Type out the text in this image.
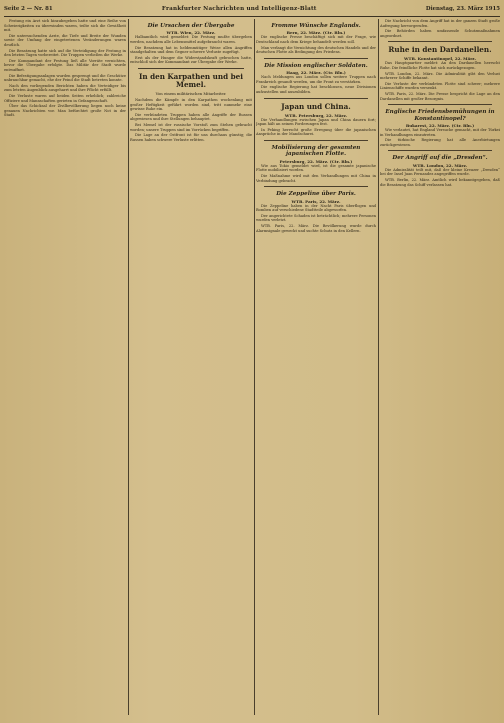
Seite 2 — Nr. 81	Frankfurter Nachrichten und Intelligenz-Blatt	Dienstag, 23. März 1915

Festung ein Arzt sich hinzubegeben hatte und eine Reihe von Schwierigkeiten zu überwinden waren, teilte sich die Gewißheit mit.

Die untersuchenden Arzte, die Tiefe und Breite der Wunden sowie der Umfang der eingetretenen Veränderungen waren deutlich.

Die Besatzung hatte sich auf die Verteidigung der Festung in den letzten Tagen vorbereitet. Die Truppen verließen die Werke.

Der Kommandant der Festung ließ alle Vorräte vernichten, bevor die Übergabe erfolgte. Das Militär der Stadt wurde entwaffnet.

Die Befestigungsanlagen wurden gesprengt und die Geschütze unbrauchbar gemacht, ehe der Feind die Stadt betreten konnte.

Nach den vorliegenden Berichten haben die Verteidiger bis zum letzten Augenblick ausgeharrt und ihre Pflicht erfüllt.

Die Verluste waren auf beiden Seiten erheblich; zahlreiche Offiziere und Mannschaften gerieten in Gefangenschaft.

Über das Schicksal der Zivilbevölkerung liegen noch keine genauen Nachrichten vor. Man befürchtet große Not in der Stadt.

Die Ursachen der Übergabe
WTB. Wien, 22. März.

Halbamtlich wird gemeldet: Die Festung mußte übergeben werden, nachdem alle Lebensmittel aufgebraucht waren.

Die Besatzung hat in heldenmütiger Weise allen Angriffen standgehalten und dem Gegner schwere Verluste zugefügt.

Erst als der Hunger die Widerstandskraft gebrochen hatte, entschloß sich der Kommandant zur Übergabe der Werke.

In den Karpathen und bei Memel.
Von einem militärischen Mitarbeiter.

Nachdem die Kämpfe in den Karpathen wochenlang mit großer Heftigkeit geführt worden sind, tritt nunmehr eine gewisse Ruhe ein.

Die verbündeten Truppen haben alle Angriffe der Russen abgewiesen und ihre Stellungen behauptet.

Bei Memel ist der russische Vorstoß zum Stehen gebracht worden; unsere Truppen sind im Vorrücken begriffen.

Die Lage an der Ostfront ist für uns durchaus günstig; die Russen haben schwere Verluste erlitten.

Fromme Wünsche Englands.
Bern, 22. März. (Ctr. Bln.)

Die englische Presse beschäftigt sich mit der Frage, wie Deutschland nach dem Kriege behandelt werden soll.

Man verlangt die Vernichtung des deutschen Handels und der deutschen Flotte als Bedingung des Friedens.

Die Mission englischer Soldaten.
Haag, 22. März. (Ctr. Bln.)

Nach Meldungen aus London sollen weitere Truppen nach Frankreich gesandt werden, um die Front zu verstärken.

Die englische Regierung hat beschlossen, neue Divisionen aufzustellen und auszubilden.

Japan und China.
WTB. Petersburg, 22. März.

Die Verhandlungen zwischen Japan und China dauern fort; Japan hält an seinen Forderungen fest.

In Peking herrscht große Erregung über die japanischen Ansprüche in der Mandschurei.

Mobilisierung der gesamten japanischen Flotte.
Petersburg, 22. März. (Ctr. Bln.)

Wie aus Tokio gemeldet wird, ist die gesamte japanische Flotte mobilisiert worden.

Die Maßnahme wird mit den Verhandlungen mit China in Verbindung gebracht.

Die Zeppeline über Paris.
WTB. Paris, 22. März.

Die Zeppeline haben in der Nacht Paris überflogen und Bomben auf verschiedene Stadtteile abgeworfen.

Der angerichtete Schaden ist beträchtlich; mehrere Personen wurden verletzt.

WTB. Paris, 22. März. Die Bevölkerung wurde durch Alarmsignale geweckt und suchte Schutz in den Kellern.

Die Nachricht von dem Angriff hat in der ganzen Stadt große Aufregung hervorgerufen.

Die Behörden haben umfassende Schutzmaßnahmen angeordnet.

Ruhe in den Dardanellen.
WTB. Konstantinopel, 22. März.

Das Hauptquartier meldet: An den Dardanellen herrscht Ruhe. Die feindliche Flotte hat sich zurückgezogen.

WTB. London, 22. März. Die Admiralität gibt den Verlust mehrerer Schiffe bekannt.

Die Verluste der verbündeten Flotte sind schwer; mehrere Linienschiffe wurden versenkt.

WTB. Paris, 22. März. Die Presse bespricht die Lage an den Dardanellen mit großer Besorgnis.

Englische Friedensbemühungen in Konstantinopel?
Bukarest, 22. März. (Ctr. Bln.)

Wie verlautet, hat England Versuche gemacht, mit der Türkei in Verhandlungen einzutreten.

Die türkische Regierung hat alle Anerbietungen zurückgewiesen.

Der Angriff auf die „Dresden“.
WTB. London, 22. März.

Die Admiralität teilt mit, daß der kleine Kreuzer „Dresden“ bei der Insel Juan Fernandez angegriffen wurde.

WTB. Berlin, 22. März. Amtlich wird bekanntgegeben, daß die Besatzung das Schiff verlassen hat.
